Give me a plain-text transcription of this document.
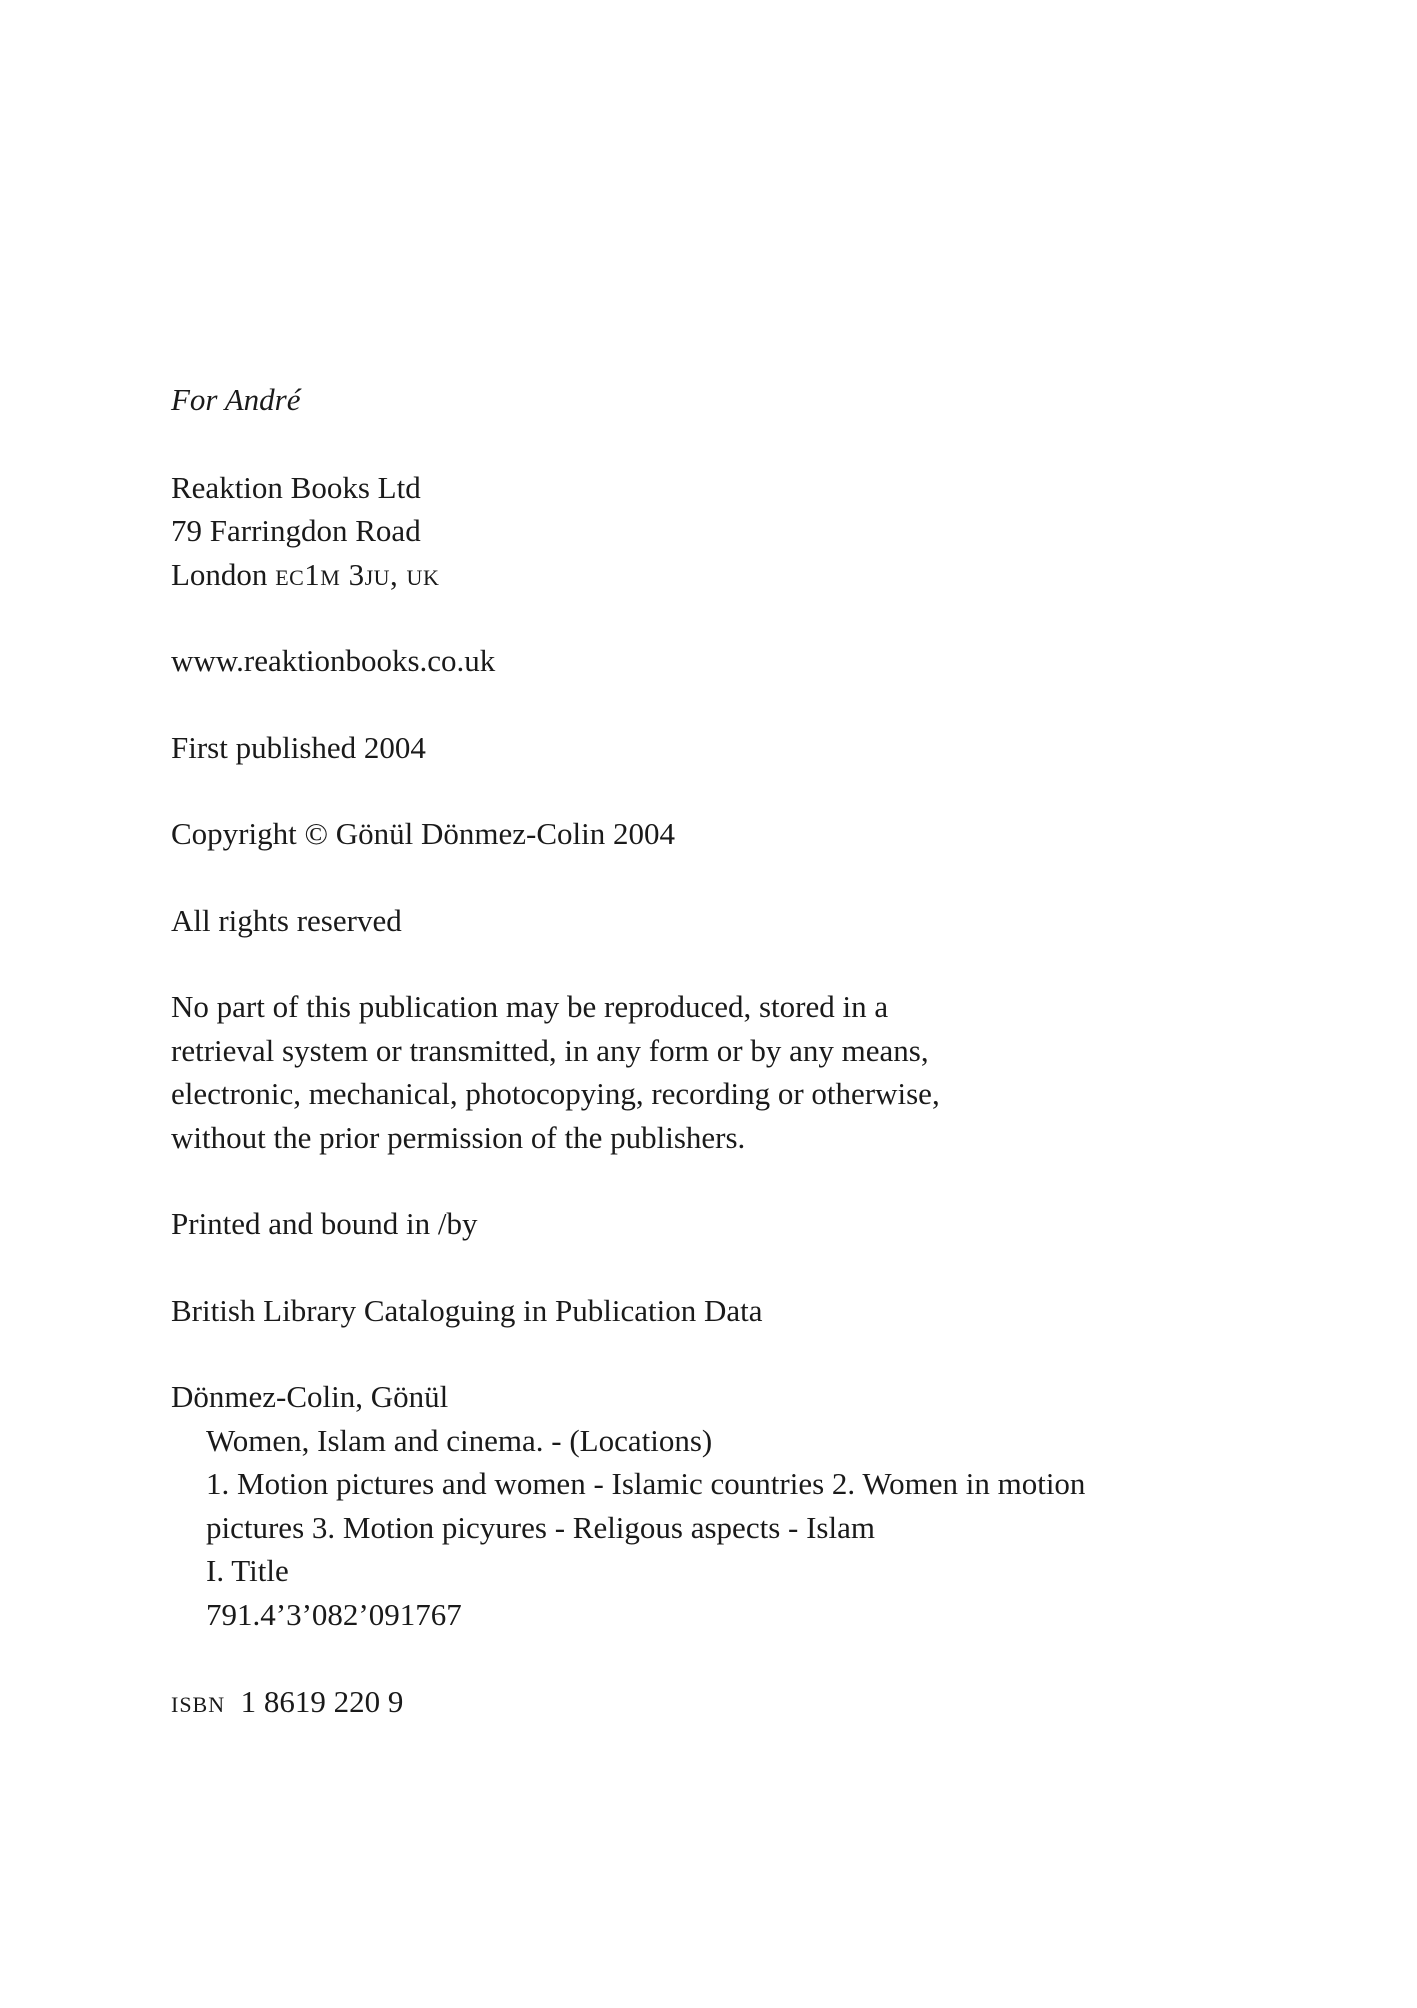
For André
Reaktion Books Ltd
79 Farringdon Road
London ec1m 3ju, uk
www.reaktionbooks.co.uk
First published 2004
Copyright © Gönül Dönmez-Colin 2004
All rights reserved
No part of this publication may be reproduced, stored in a
retrieval system or transmitted, in any form or by any means,
electronic, mechanical, photocopying, recording or otherwise,
without the prior permission of the publishers.
Printed and bound in /by
British Library Cataloguing in Publication Data
Dönmez-Colin, Gönül
Women, Islam and cinema. - (Locations)
1. Motion pictures and women - Islamic countries 2. Women in motion
pictures 3. Motion picyures - Religous aspects - Islam
I. Title
791.4’3’082’091767
isbn 1 8619 220 9
